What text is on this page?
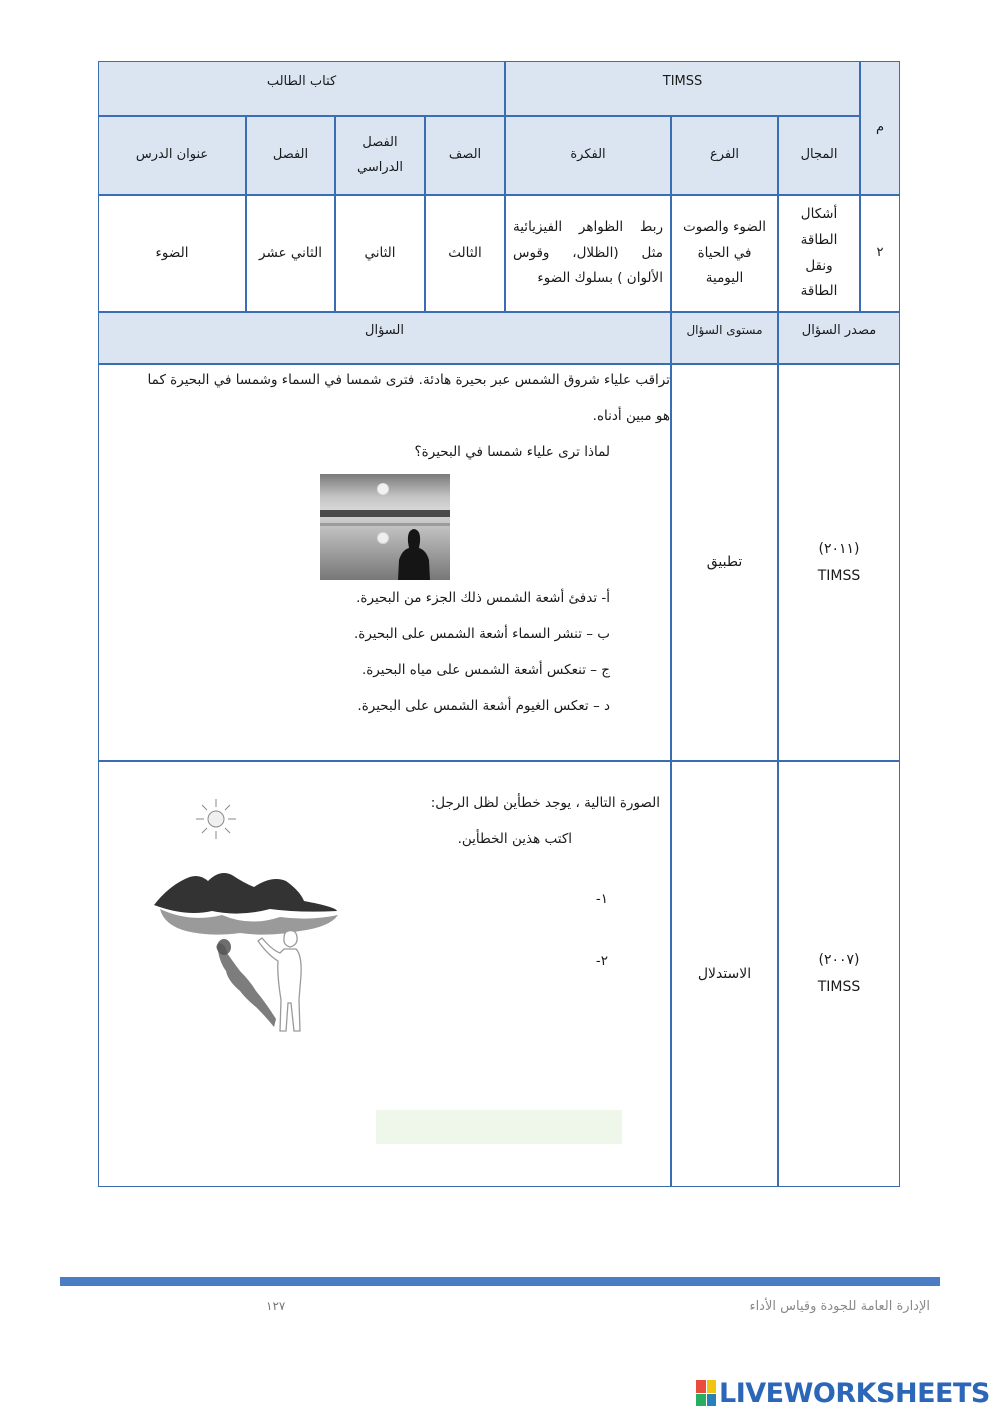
م
TIMSS
كتاب الطالب
المجال
الفرع
الفكرة
الصف
الفصل الدراسي
الفصل
عنوان الدرس
٢
أشكال الطاقة ونقل الطاقة
الضوء والصوت في الحياة اليومية
ربط الظواهر الفيزيائية مثل (الظلال، وقوس الألوان ) بسلوك الضوء
الثالث
الثاني
الثاني عشر
الضوء
مصدر السؤال
مستوى السؤال
السؤال
(٢٠١١)
TIMSS
تطبيق
تراقب علياء شروق الشمس عبر بحيرة هادئة. فترى شمسا في السماء وشمسا في البحيرة كما
هو مبين أدناه.
لماذا ترى علياء شمسا في البحيرة؟
أ- تدفئ أشعة الشمس ذلك الجزء من البحيرة.
ب – تنشر السماء أشعة الشمس على البحيرة.
ج – تنعكس أشعة الشمس على مياه البحيرة.
د – تعكس الغيوم أشعة الشمس على البحيرة.
(٢٠٠٧)
TIMSS
الاستدلال
الصورة التالية ، يوجد خطأين لظل الرجل:
اكتب هذين الخطأين.
١-
٢-
١٢٧	الإدارة العامة للجودة وقياس الأداء
LIVEWORKSHEETS
